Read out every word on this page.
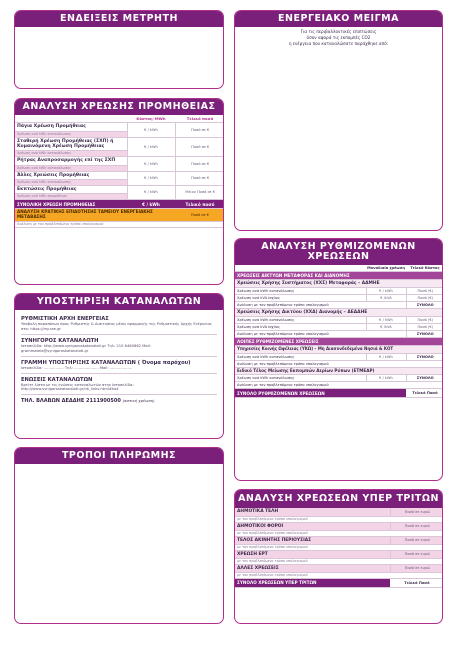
ΕΝΔΕΙΞΕΙΣ ΜΕΤΡΗΤΗ	ΕΝΕΡΓΕΙΑΚΟ ΜΕΙΓΜΑ
Για τις περιβαλλοντικές επιπτώσεις
όσον αφορά τις εκπομπές CO2
η ενέργεια που καταναλώσατε παράχθηκε από:
ΑΝΑΛΥΣΗ ΧΡΕΩΣΗΣ ΠΡΟΜΗΘΕΙΑΣ
	Κόστος/ MWh	Τελικό ποσό
Πάγια Χρέωση Προμήθειας	€ / kWh	Ποσό σε €
Χρέωση ανά kWh κατανάλωσης		
Σταθερή Χρέωση Προμήθειας (ΣΧΠ) ή Κυμαινόμενη Χρέωση Προμήθειας	€ / kWh	Ποσό σε €
Χρέωση ανά kWh κατανάλωσης		
Ρήτρας Αναπροσαρμογής επί της ΣΧΠ	€ / kWh	Ποσό σε €
Χρέωση ανά kWh κατανάλωσης		
Άλλες Χρεώσεις Προμήθειας	€ / kWh	Ποσό σε €
Χρέωση ανά kWh κατανάλωσης		
Εκπτώσεις Προμήθειας	€ / kWh	Μείον Ποσό σε €
Χρέωση ανά kWh προμήθειας		
ΣΥΝΟΛΙΚΗ ΧΡΕΩΣΗ ΠΡΟΜΗΘΕΙΑΣ	€ / kWh	Τελικό ποσό
ΑΝΑΛΥΣΗ ΚΡΑΤΙΚΗΣ ΕΠΙΔΟΤΗΣΗΣ ΤΑΜΕΙΟΥ ΕΝΕΡΓΕΙΑΚΗΣ ΜΕΤΑΒΑΣΗΣ		Ποσό σε €
Ανάλυση με τον προβλεπόμενο τρόπο υπολογισμού		
ΥΠΟΣΤΗΡΙΞΗ ΚΑΤΑΝΑΛΩΤΩΝ
ΡΥΘΜΙΣΤΙΚΗ ΑΡΧΗ ΕΝΕΡΓΕΙΑΣ
Υποβολή παραπόνων προς Ρυθμιστής & Διαιτησίας μέσω εφαρμογής της Ρυθμιστικής Αρχής Ενέργειας στο: https://my.rae.gr
ΣΥΝΗΓΟΡΟΣ ΚΑΤΑΝΑΛΩΤΗ
Ιστοσελίδα: http://www.synigoroskatanaloti.gr Τηλ: 210 6460862 Mail: grammateia@synigoroskatanaloti.gr
ΓΡΑΜΜΗ ΥΠΟΣΤΗΡΙΞΗΣ ΚΑΤΑΝΑΛΩΤΩΝ ( Όνομα παρόχου)
Ιστοσελίδα: ................. Τηλ: ..................... Mail: ...................
ΕΝΩΣΕΙΣ ΚΑΤΑΝΑΛΩΤΩΝ
Βρείτε λίστα με τις ενώσεις καταναλωτών στην Ιστοσελίδα: http://www.synigoroskatanaloti.gr/nk_links.html#ka4
ΤΗΛ. ΒΛΑΒΩΝ ΔΕΔΔΗΕ 2111900500 (αστική χρέωση)
ΤΡΟΠΟΙ ΠΛΗΡΩΜΗΣ
ΑΝΑΛΥΣΗ ΡΥΘΜΙΖΟΜΕΝΩΝ
ΧΡΕΩΣΕΩΝ
	Μοναδιαία χρέωση	Τελικό Κόστος
ΧΡΕΩΣΕΙΣ ΔΙΚΤΥΩΝ ΜΕΤΑΦΟΡΑΣ ΚΑΙ ΔΙΑΝΟΜΗΣ		
Χρεώσεις Χρήσης Συστήματος (ΧΧΣ) Μεταφοράς – ΑΔΜΗΕ		
Χρέωση ανά kWh κατανάλωσης	€ / kWh	Ποσό (€)
Χρέωση ανά kVA Ισχύος	€ /kVA	Ποσό (€)
Ανάλυση με τον προβλεπόμενο τρόπο υπολογισμού		ΣΥΝΟΛΟ
Χρεώσεις Χρήσης Δικτύου (ΧΧΔ) Διανομής – ΔΕΔΔΗΕ		
Χρέωση ανά kWh κατανάλωσης	€ / kWh	Ποσό (€)
Χρέωση ανά kVA Ισχύος	€ /kVA	Ποσό (€)
Ανάλυση με τον προβλεπόμενο τρόπο υπολογισμού		ΣΥΝΟΛΟ
ΛΟΙΠΕΣ ΡΥΘΜΙΖΟΜΕΝΕΣ ΧΡΕΩΣΕΙΣ		
Υπηρεσίες Κοινής Ωφέλειας (ΥΚΩ) – Μη Διασυνδεδεμένα Νησιά & ΚΟΤ		
Χρέωση ανά kWh κατανάλωσης	€ / kWh	ΣΥΝΟΛΟ
Ανάλυση με τον προβλεπόμενο τρόπο υπολογισμού		
Ειδικό Τέλος Μείωσης Εκπομπών Αερίων Ρύπων (ΕΤΜΕΑΡ)		
Χρέωση ανά kWh κατανάλωσης	€ / kWh	ΣΥΝΟΛΟ
Ανάλυση με τον προβλεπόμενο τρόπο υπολογισμού		
ΣΥΝΟΛΟ ΡΥΘΜΙΖΟΜΕΝΩΝ ΧΡΕΩΣΕΩΝ		Τελικό Ποσό
ΑΝΑΛΥΣΗ ΧΡΕΩΣΕΩΝ ΥΠΕΡ ΤΡΙΤΩΝ
ΔΗΜΟΤΙΚΑ ΤΕΛΗ	Ποσό σε ευρώ
με τον προβλεπόμενο τρόπο υπολογισμού	
ΔΗΜΟΤΙΚΟΙ ΦΟΡΟΙ	Ποσό σε ευρώ
με τον προβλεπόμενο τρόπο υπολογισμού	
ΤΕΛΟΣ ΑΚΙΝΗΤΗΣ ΠΕΡΙΟΥΣΙΑΣ	Ποσό σε ευρώ
με τον προβλεπόμενο τρόπο υπολογισμού	
ΧΡΕΩΣΗ ΕΡΤ	Ποσό σε ευρώ
με τον προβλεπόμενο τρόπο υπολογισμού	
ΑΛΛΕΣ ΧΡΕΩΣΕΙΣ	Ποσό σε ευρώ
με τον προβλεπόμενο τρόπο υπολογισμού	
ΣΥΝΟΛΟ ΧΡΕΩΣΕΩΝ ΥΠΕΡ ΤΡΙΤΩΝ	Τελικό Ποσό
